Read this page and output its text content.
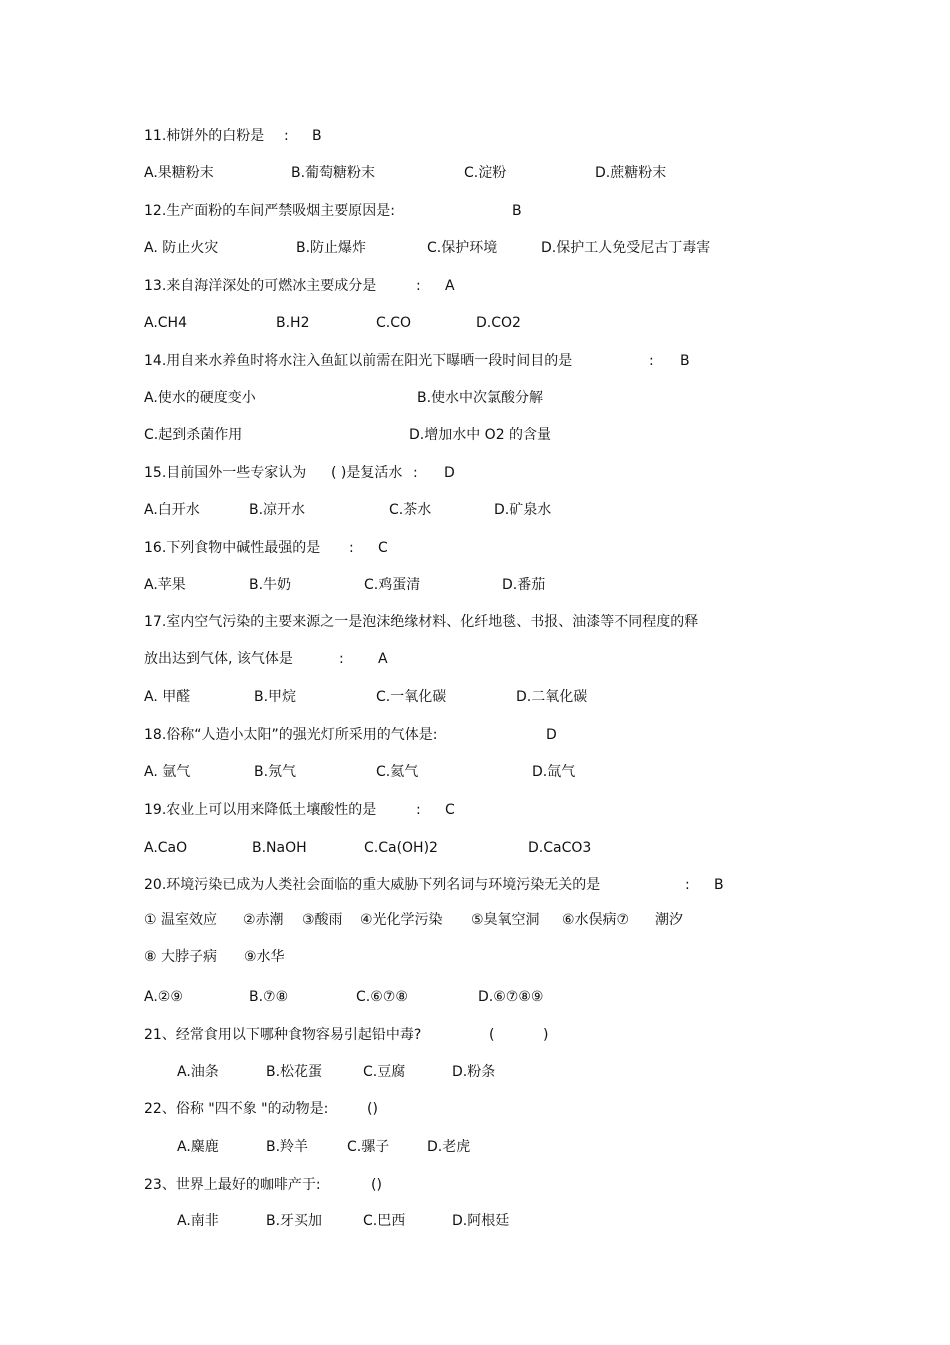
11.柿饼外的白粉是 : B
A.果糖粉末	B.葡萄糖粉末	C.淀粉	D.蔗糖粉末
12.生产面粉的车间严禁吸烟主要原因是:	B
A. 防止火灾	B.防止爆炸	C.保护环境	D.保护工人免受尼古丁毒害
13.来自海洋深处的可燃冰主要成分是	: A
A.CH4	B.H2	C.CO	D.CO2
14.用自来水养鱼时将水注入鱼缸以前需在阳光下曝晒一段时间目的是	: B
A.使水的硬度变小	B.使水中次氯酸分解
C.起到杀菌作用	D.增加水中 O2 的含量
15.目前国外一些专家认为 ( )是复活水 : D
A.白开水	B.凉开水	C.茶水	D.矿泉水
16.下列食物中碱性最强的是 : C
A.苹果	B.牛奶	C.鸡蛋清	D.番茄
17.室内空气污染的主要来源之一是泡沫绝缘材料、化纤地毯、书报、油漆等不同程度的释
放出达到气体, 该气体是	: A
A. 甲醛	B.甲烷	C.一氧化碳	D.二氧化碳
18.俗称“人造小太阳”的强光灯所采用的气体是:	D
A. 氩气	B.氖气	C.氦气	D.氙气
19.农业上可以用来降低土壤酸性的是	: C
A.CaO	B.NaOH	C.Ca(OH)2	D.CaCO3
20.环境污染已成为人类社会面临的重大威胁下列名词与环境污染无关的是	: B
① 温室效应 ②赤潮 ③酸雨 ④光化学污染 ⑤臭氧空洞 ⑥水俣病⑦ 潮汐
⑧ 大脖子病 ⑨水华
A.②⑨	B.⑦⑧	C.⑥⑦⑧	D.⑥⑦⑧⑨
21、经常食用以下哪种食物容易引起铅中毒?	(	)
A.油条	B.松花蛋	C.豆腐	D.粉条
22、俗称 "四不象 "的动物是:	()
A.麋鹿	B.羚羊	C.骡子	D.老虎
23、世界上最好的咖啡产于:	()
A.南非	B.牙买加	C.巴西	D.阿根廷
